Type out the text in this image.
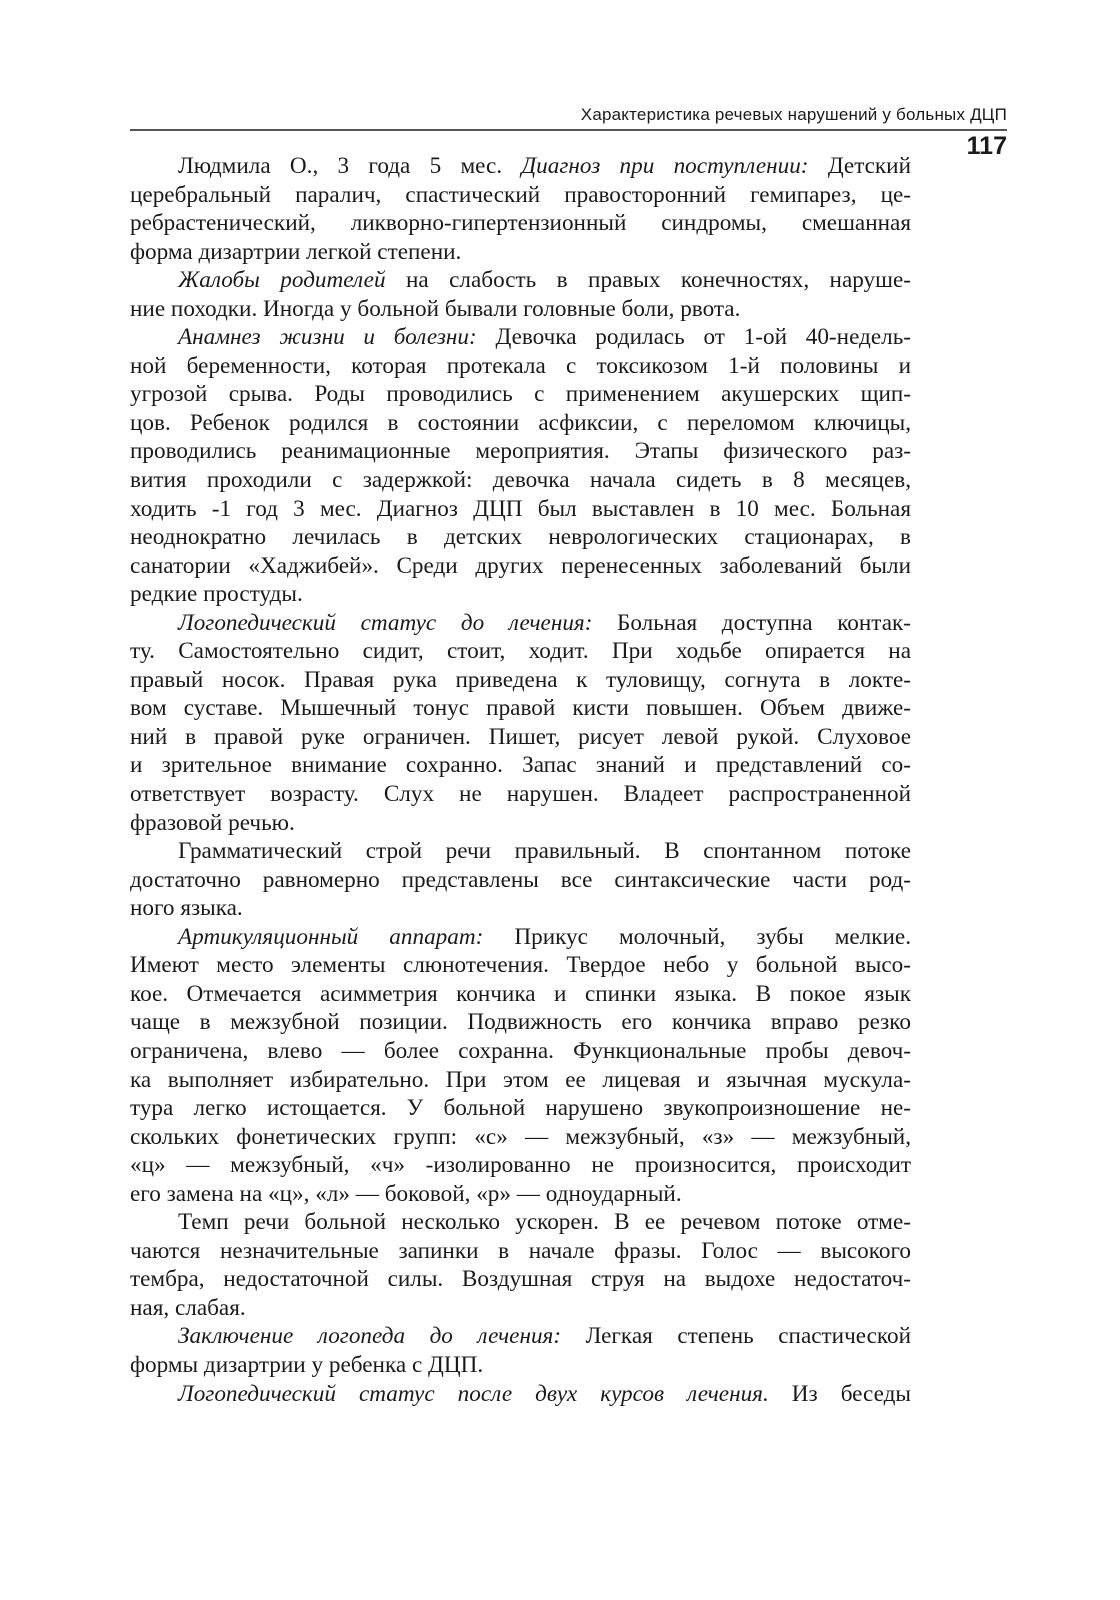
Характеристика речевых нарушений у больных ДЦП
117

Людмила О., 3 года 5 мес. Диагноз при поступлении: Детский
церебральный паралич, спастический правосторонний гемипарез, це-
ребрастенический, ликворно-гипертензионный синдромы, смешанная
форма дизартрии легкой степени.

Жалобы родителей на слабость в правых конечностях, наруше-
ние походки. Иногда у больной бывали головные боли, рвота.

Анамнез жизни и болезни: Девочка родилась от 1-ой 40-недель-
ной беременности, которая протекала с токсикозом 1-й половины и
угрозой срыва. Роды проводились с применением акушерских щип-
цов. Ребенок родился в состоянии асфиксии, с переломом ключицы,
проводились реанимационные мероприятия. Этапы физического раз-
вития проходили с задержкой: девочка начала сидеть в 8 месяцев,
ходить -1 год 3 мес. Диагноз ДЦП был выставлен в 10 мес. Больная
неоднократно лечилась в детских неврологических стационарах, в
санатории «Хаджибей». Среди других перенесенных заболеваний были
редкие простуды.

Логопедический статус до лечения: Больная доступна контак-
ту. Самостоятельно сидит, стоит, ходит. При ходьбе опирается на
правый носок. Правая рука приведена к туловищу, согнута в локте-
вом суставе. Мышечный тонус правой кисти повышен. Объем движе-
ний в правой руке ограничен. Пишет, рисует левой рукой. Слуховое
и зрительное внимание сохранно. Запас знаний и представлений со-
ответствует возрасту. Слух не нарушен. Владеет распространенной
фразовой речью.

Грамматический строй речи правильный. В спонтанном потоке
достаточно равномерно представлены все синтаксические части род-
ного языка.

Артикуляционный аппарат: Прикус молочный, зубы мелкие.
Имеют место элементы слюнотечения. Твердое небо у больной высо-
кое. Отмечается асимметрия кончика и спинки языка. В покое язык
чаще в межзубной позиции. Подвижность его кончика вправо резко
ограничена, влево — более сохранна. Функциональные пробы девоч-
ка выполняет избирательно. При этом ее лицевая и язычная мускула-
тура легко истощается. У больной нарушено звукопроизношение не-
скольких фонетических групп: «с» — межзубный, «з» — межзубный,
«ц» — межзубный, «ч» -изолированно не произносится, происходит
его замена на «ц», «л» — боковой, «р» — одноударный.

Темп речи больной несколько ускорен. В ее речевом потоке отме-
чаются незначительные запинки в начале фразы. Голос — высокого
тембра, недостаточной силы. Воздушная струя на выдохе недостаточ-
ная, слабая.

Заключение логопеда до лечения: Легкая степень спастической
формы дизартрии у ребенка с ДЦП.

Логопедический статус после двух курсов лечения. Из беседы
